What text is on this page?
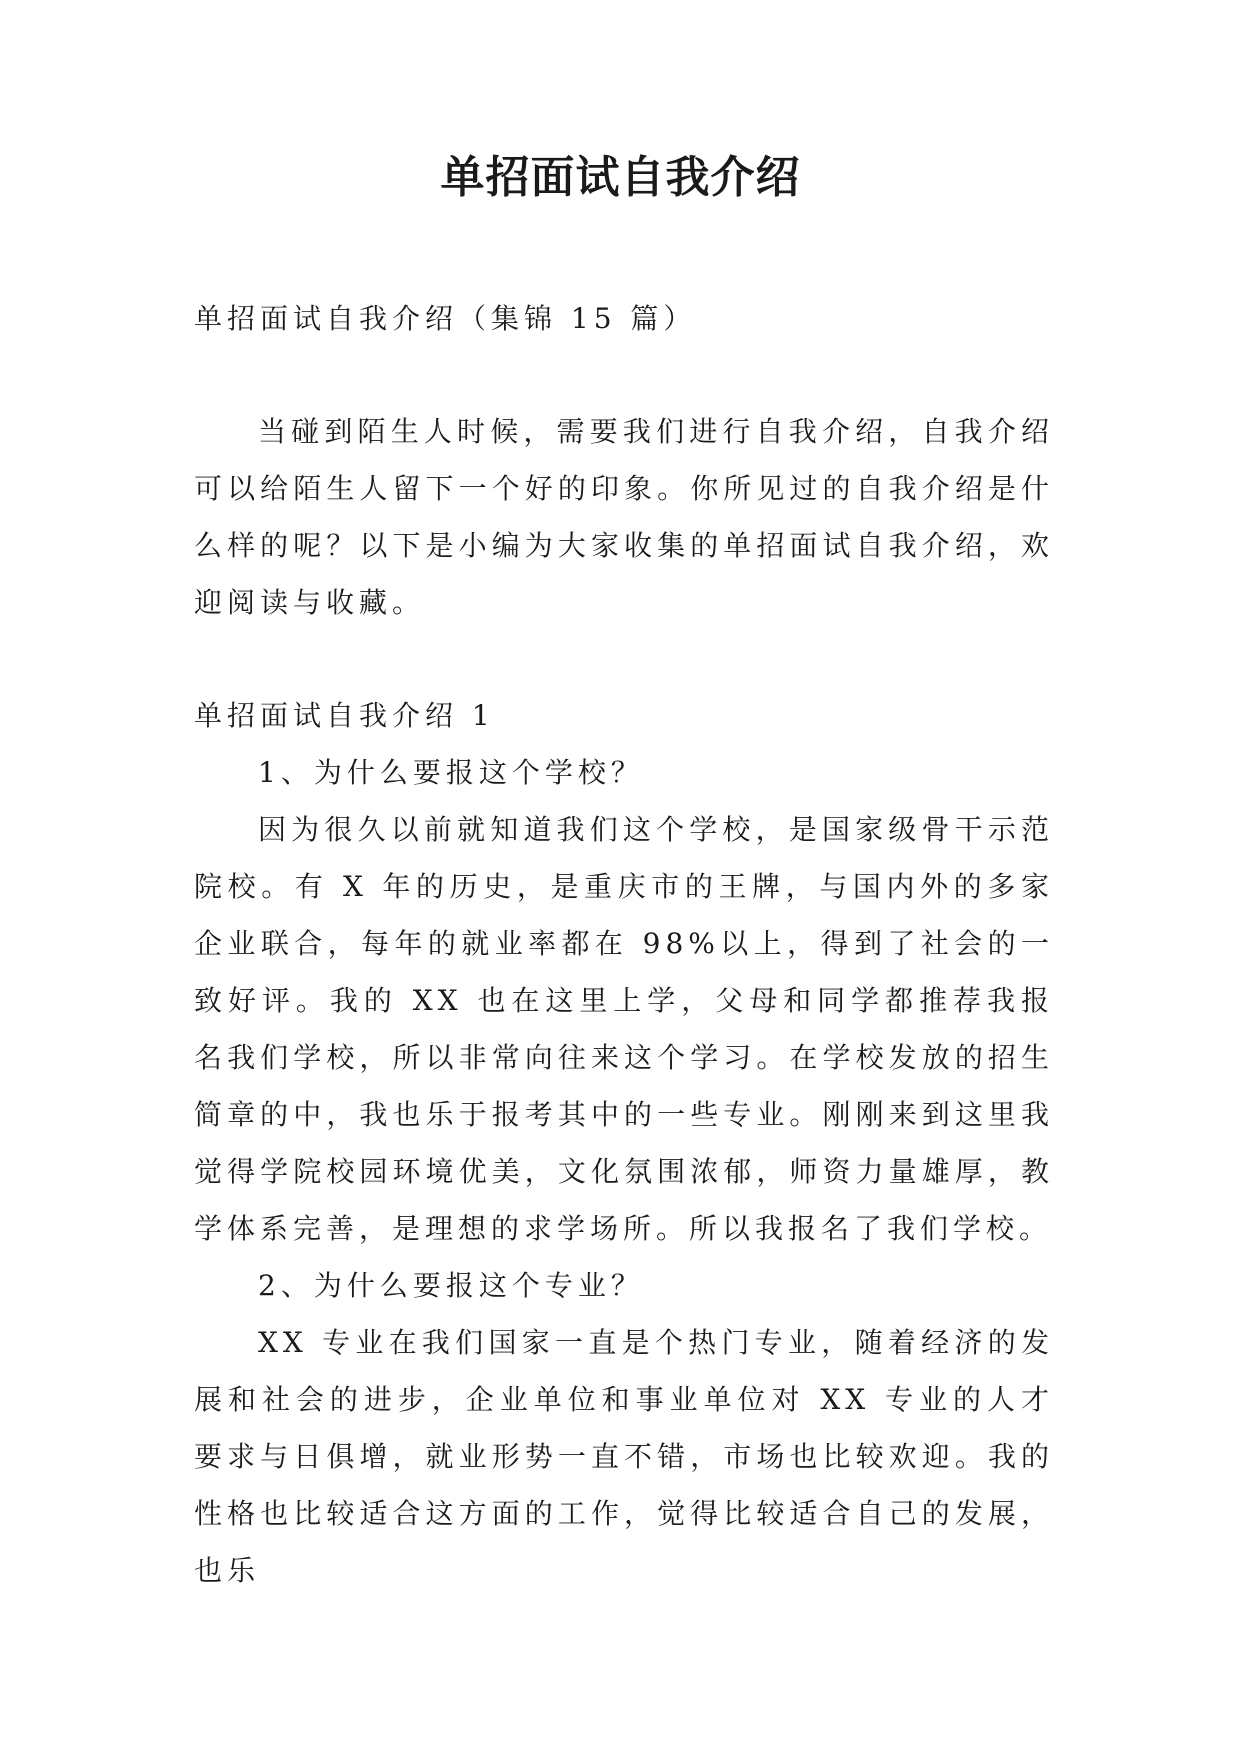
单招面试自我介绍

单招面试自我介绍（集锦 15 篇）

当碰到陌生人时候，需要我们进行自我介绍，自我介绍可以给陌生人留下一个好的印象。你所见过的自我介绍是什么样的呢？以下是小编为大家收集的单招面试自我介绍，欢迎阅读与收藏。

单招面试自我介绍 1

1、为什么要报这个学校？

因为很久以前就知道我们这个学校，是国家级骨干示范院校。有 X 年的历史，是重庆市的王牌，与国内外的多家企业联合，每年的就业率都在 98%以上，得到了社会的一致好评。我的 XX 也在这里上学，父母和同学都推荐我报名我们学校，所以非常向往来这个学习。在学校发放的招生简章的中，我也乐于报考其中的一些专业。刚刚来到这里我觉得学院校园环境优美，文化氛围浓郁，师资力量雄厚，教学体系完善，是理想的求学场所。所以我报名了我们学校。

2、为什么要报这个专业？

XX 专业在我们国家一直是个热门专业，随着经济的发展和社会的进步，企业单位和事业单位对 XX 专业的人才要求与日俱增，就业形势一直不错，市场也比较欢迎。我的性格也比较适合这方面的工作，觉得比较适合自己的发展，也乐
